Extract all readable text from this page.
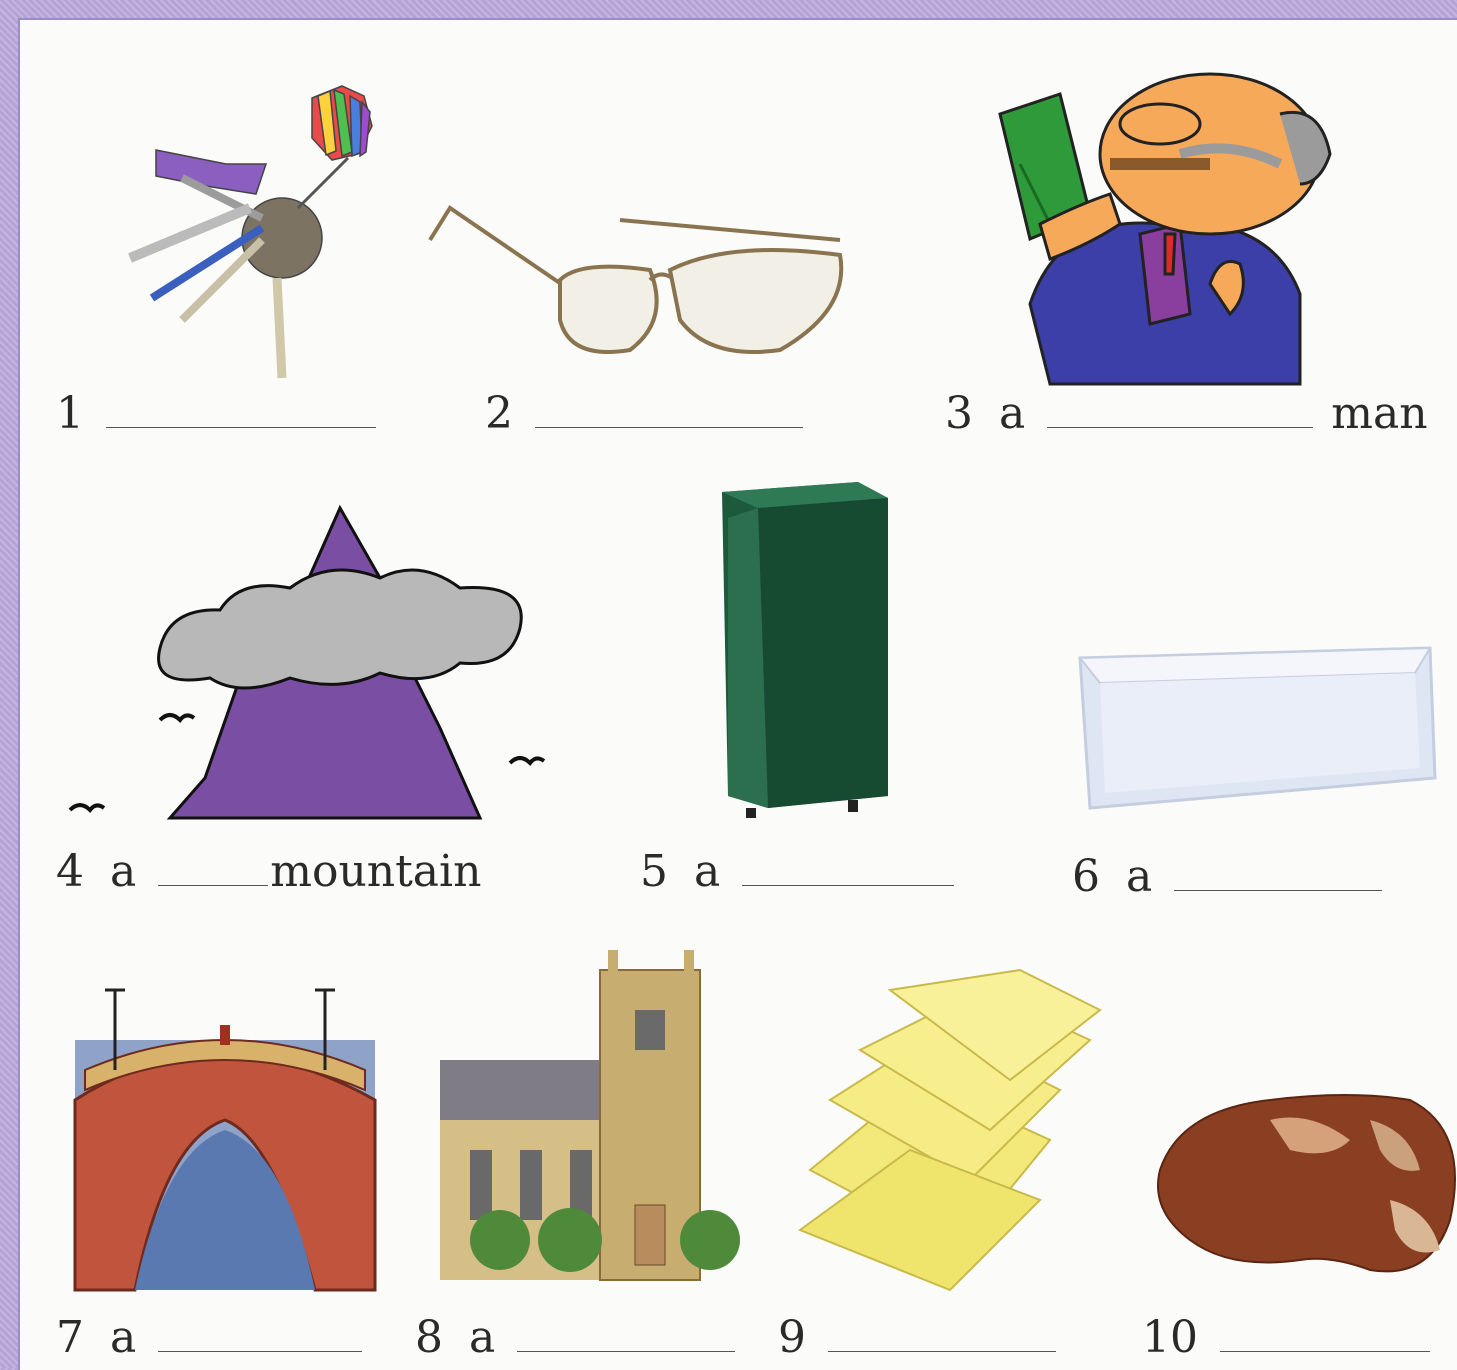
1	2	3 a	man
4 a	mountain	5 a	6 a
7 a	8 a	9	10
